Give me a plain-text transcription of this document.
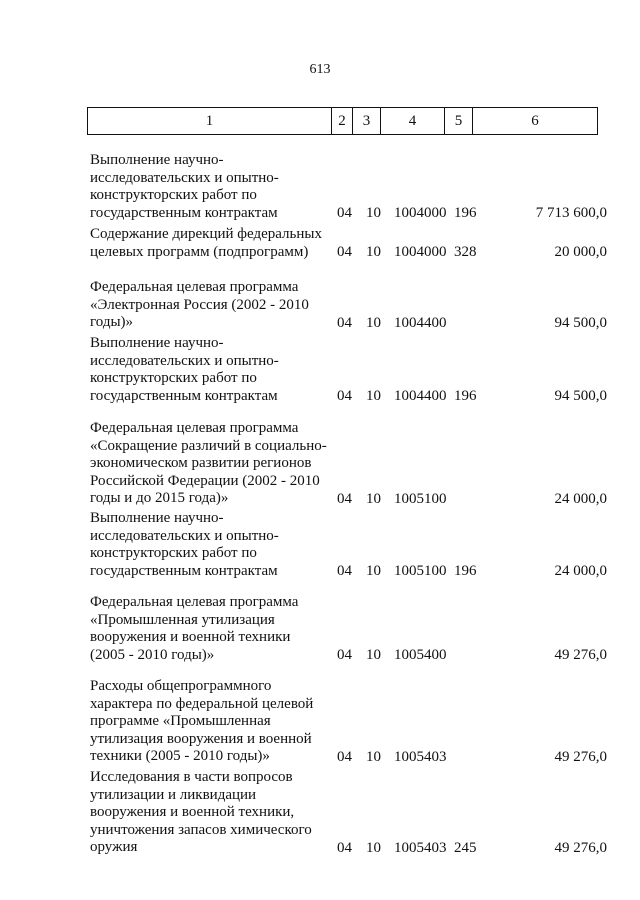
613
1	2	3	4	5	6
Выполнение научно-
исследовательских и опытно-
конструкторских работ по
государственным контрактам	04 10 1004000 196	7 713 600,0
Содержание дирекций федеральных
целевых программ (подпрограмм)	04 10 1004000 328	20 000,0
Федеральная целевая программа
«Электронная Россия (2002 - 2010
годы)»	04 10 1004400	94 500,0
Выполнение научно-
исследовательских и опытно-
конструкторских работ по
государственным контрактам	04 10 1004400 196	94 500,0
Федеральная целевая программа
«Сокращение различий в социально-
экономическом развитии регионов
Российской Федерации (2002 - 2010
годы и до 2015 года)»	04 10 1005100	24 000,0
Выполнение научно-
исследовательских и опытно-
конструкторских работ по
государственным контрактам	04 10 1005100 196	24 000,0
Федеральная целевая программа
«Промышленная утилизация
вооружения и военной техники
(2005 - 2010 годы)»	04 10 1005400	49 276,0
Расходы общепрограммного
характера по федеральной целевой
программе «Промышленная
утилизация вооружения и военной
техники (2005 - 2010 годы)»	04 10 1005403	49 276,0
Исследования в части вопросов
утилизации и ликвидации
вооружения и военной техники,
уничтожения запасов химического
оружия	04 10 1005403 245	49 276,0
